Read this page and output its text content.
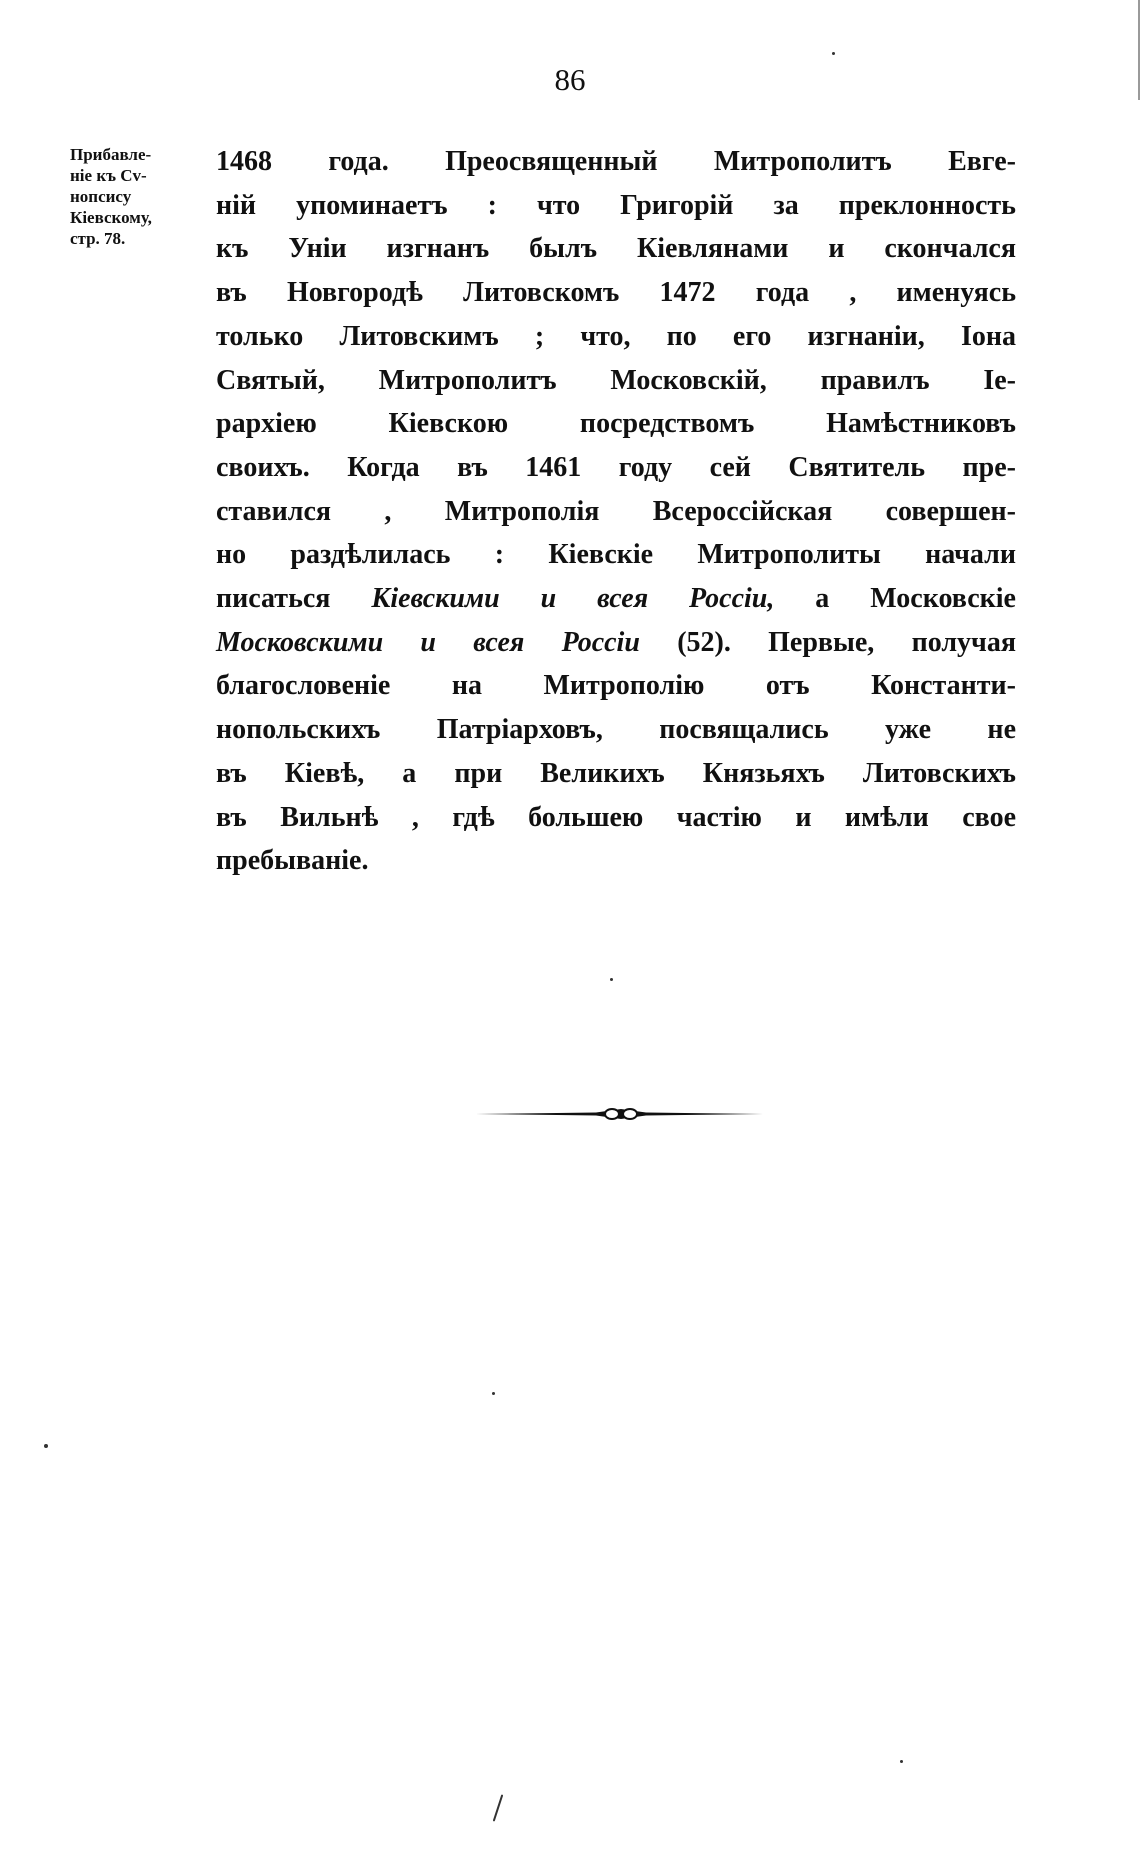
86
Прибавле-
ніе къ Сv-
нопсису
Кіевскому,
стр. 78.
1468 года. Преосвященный Митрополитъ Евге-
ній упоминаетъ : что Григорій за преклонность
къ Уніи изгнанъ былъ Кіевлянами и скончался
въ Новгородѣ Литовскомъ 1472 года , именуясь
только Литовскимъ ; что, по его изгнаніи, Іона
Святый, Митрополитъ Московскій, правилъ Іе-
рархіею Кіевскою посредствомъ Намѣстниковъ
своихъ. Когда въ 1461 году сей Святитель пре-
ставился , Митрополія Всероссійская совершен-
но раздѣлилась : Кіевскіе Митрополиты начали
писаться Кіевскими и всея Россіи, а Московскіе
Московскими и всея Россіи (52). Первые, получая
благословеніе на Митрополію отъ Константи-
нопольскихъ Патріарховъ, посвящались уже не
въ Кіевѣ, а при Великихъ Князьяхъ Литовскихъ
въ Вильнѣ , гдѣ большею частію и имѣли свое
пребываніе.
